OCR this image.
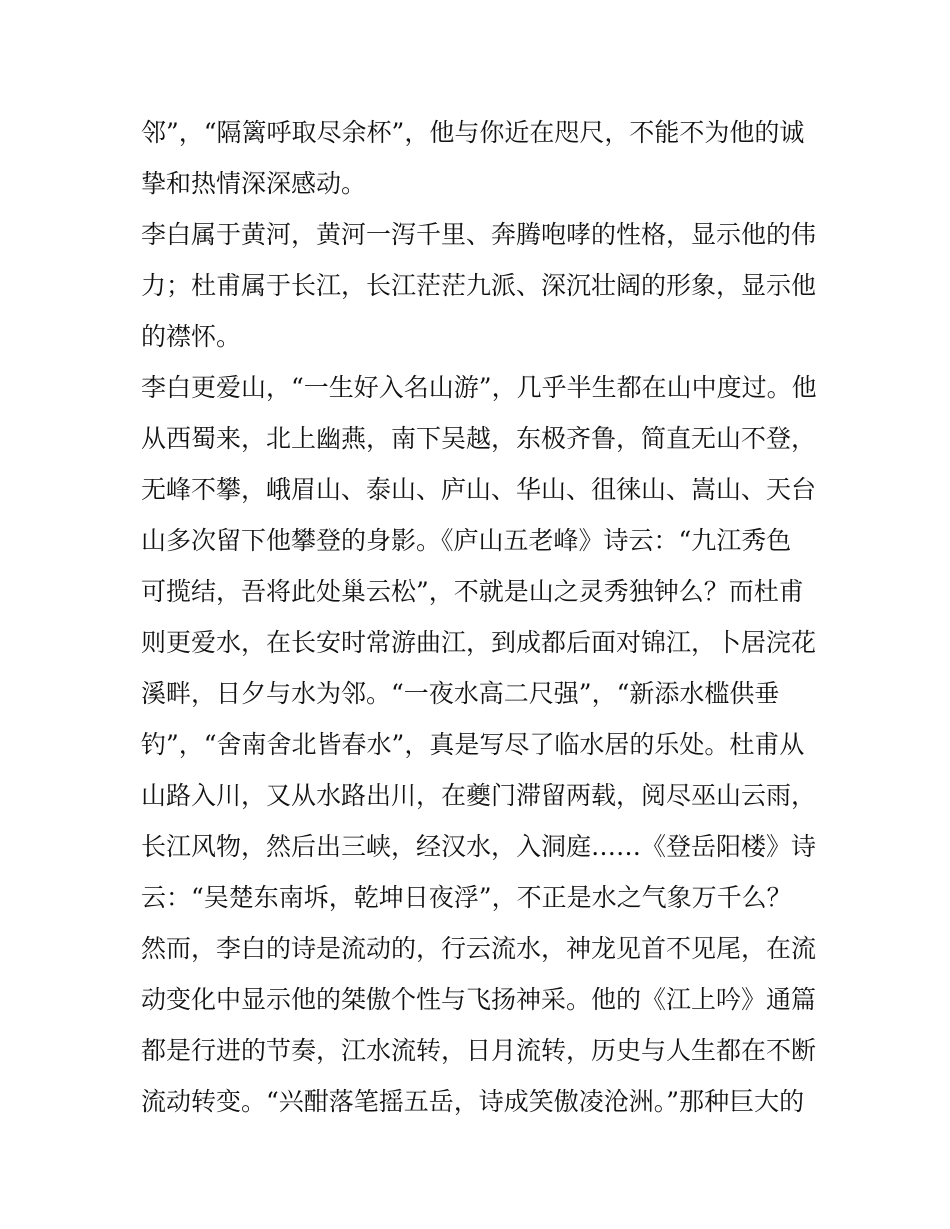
邻”，“隔篱呼取尽余杯”，他与你近在咫尺，不能不为他的诚
挚和热情深深感动。
李白属于黄河，黄河一泻千里、奔腾咆哮的性格，显示他的伟
力；杜甫属于长江，长江茫茫九派、深沉壮阔的形象，显示他
的襟怀。
李白更爱山，“一生好入名山游”，几乎半生都在山中度过。他
从西蜀来，北上幽燕，南下吴越，东极齐鲁，简直无山不登，
无峰不攀，峨眉山、泰山、庐山、华山、徂徕山、嵩山、天台
山多次留下他攀登的身影。《庐山五老峰》诗云：“九江秀色
可揽结，吾将此处巢云松”，不就是山之灵秀独钟么？而杜甫
则更爱水，在长安时常游曲江，到成都后面对锦江，卜居浣花
溪畔，日夕与水为邻。“一夜水高二尺强”，“新添水槛供垂
钓”，“舍南舍北皆春水”，真是写尽了临水居的乐处。杜甫从
山路入川，又从水路出川，在夔门滞留两载，阅尽巫山云雨，
长江风物，然后出三峡，经汉水，入洞庭……《登岳阳楼》诗
云：“吴楚东南坼，乾坤日夜浮”，不正是水之气象万千么？
然而，李白的诗是流动的，行云流水，神龙见首不见尾，在流
动变化中显示他的桀傲个性与飞扬神采。他的《江上吟》通篇
都是行进的节奏，江水流转，日月流转，历史与人生都在不断
流动转变。“兴酣落笔摇五岳，诗成笑傲凌沧洲。”那种巨大的
